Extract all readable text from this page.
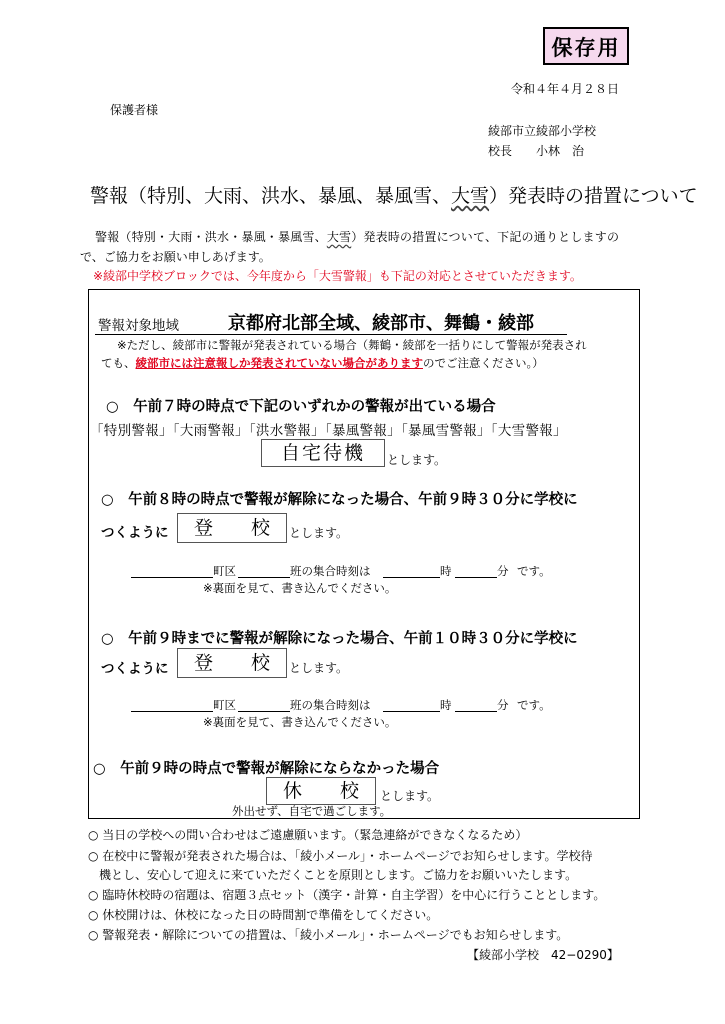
保存用
令和４年４月２８日
保護者様
綾部市立綾部小学校
校長　　小林　治
警報（特別、大雨、洪水、暴風、暴風雪、大雪）発表時の措置について
警報（特別・大雨・洪水・暴風・暴風雪、大雪）発表時の措置について、下記の通りとしますの
で、ご協力をお願い申しあげます。
※綾部中学校ブロックでは、今年度から「大雪警報」も下記の対応とさせていただきます。
警報対象地域	京都府北部全域、綾部市、舞鶴・綾部
※ただし、綾部市に警報が発表されている場合（舞鶴・綾部を一括りにして警報が発表され
ても、綾部市には注意報しか発表されていない場合がありますのでご注意ください。）
○　午前７時の時点で下記のいずれかの警報が出ている場合
「特別警報」「大雨警報」「洪水警報」「暴風警報」「暴風雪警報」「大雪警報」
自宅待機	とします。
○　午前８時の時点で警報が解除になった場合、午前９時３０分に学校に
つくように	登　　校	とします。
町区	班の集合時刻は	時	分 です。
※裏面を見て、書き込んでください。
○　午前９時までに警報が解除になった場合、午前１０時３０分に学校に
つくように	登　　校	とします。
町区	班の集合時刻は	時	分 です。
※裏面を見て、書き込んでください。
○　午前９時の時点で警報が解除にならなかった場合
休　　校	とします。
外出せず、自宅で過ごします。
○ 当日の学校への問い合わせはご遠慮願います。（緊急連絡ができなくなるため）
○ 在校中に警報が発表された場合は、「綾小メール」・ホームページでお知らせします。学校待
機とし、安心して迎えに来ていただくことを原則とします。ご協力をお願いいたします。
○ 臨時休校時の宿題は、宿題３点セット（漢字・計算・自主学習）を中心に行うこととします。
○ 休校開けは、休校になった日の時間割で準備をしてください。
○ 警報発表・解除についての措置は、「綾小メール」・ホームページでもお知らせします。
【綾部小学校　42−0290】
